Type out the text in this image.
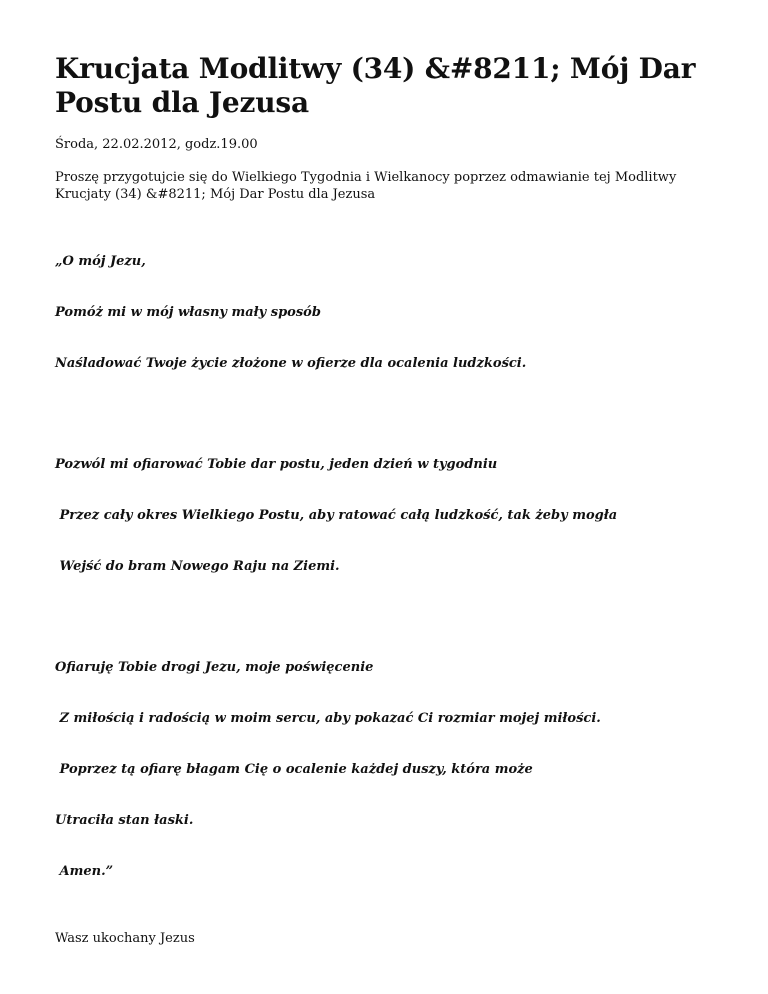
Krucjata Modlitwy (34) &#8211; Mój Dar Postu dla Jezusa

Środa, 22.02.2012, godz.19.00

Proszę przygotujcie się do Wielkiego Tygodnia i Wielkanocy poprzez odmawianie tej Modlitwy Krucjaty (34) &#8211; Mój Dar Postu dla Jezusa

„O mój Jezu,

Pomóż mi w mój własny mały sposób

Naśladować Twoje życie złożone w ofierze dla ocalenia ludzkości.

Pozwól mi ofiarować Tobie dar postu, jeden dzień w tygodniu

Przez cały okres Wielkiego Postu, aby ratować całą ludzkość, tak żeby mogła

Wejść do bram Nowego Raju na Ziemi.

Ofiaruję Tobie drogi Jezu, moje poświęcenie

Z miłością i radością w moim sercu, aby pokazać Ci rozmiar mojej miłości.

Poprzez tą ofiarę błagam Cię o ocalenie każdej duszy, która może

Utraciła stan łaski.

Amen.”

Wasz ukochany Jezus
